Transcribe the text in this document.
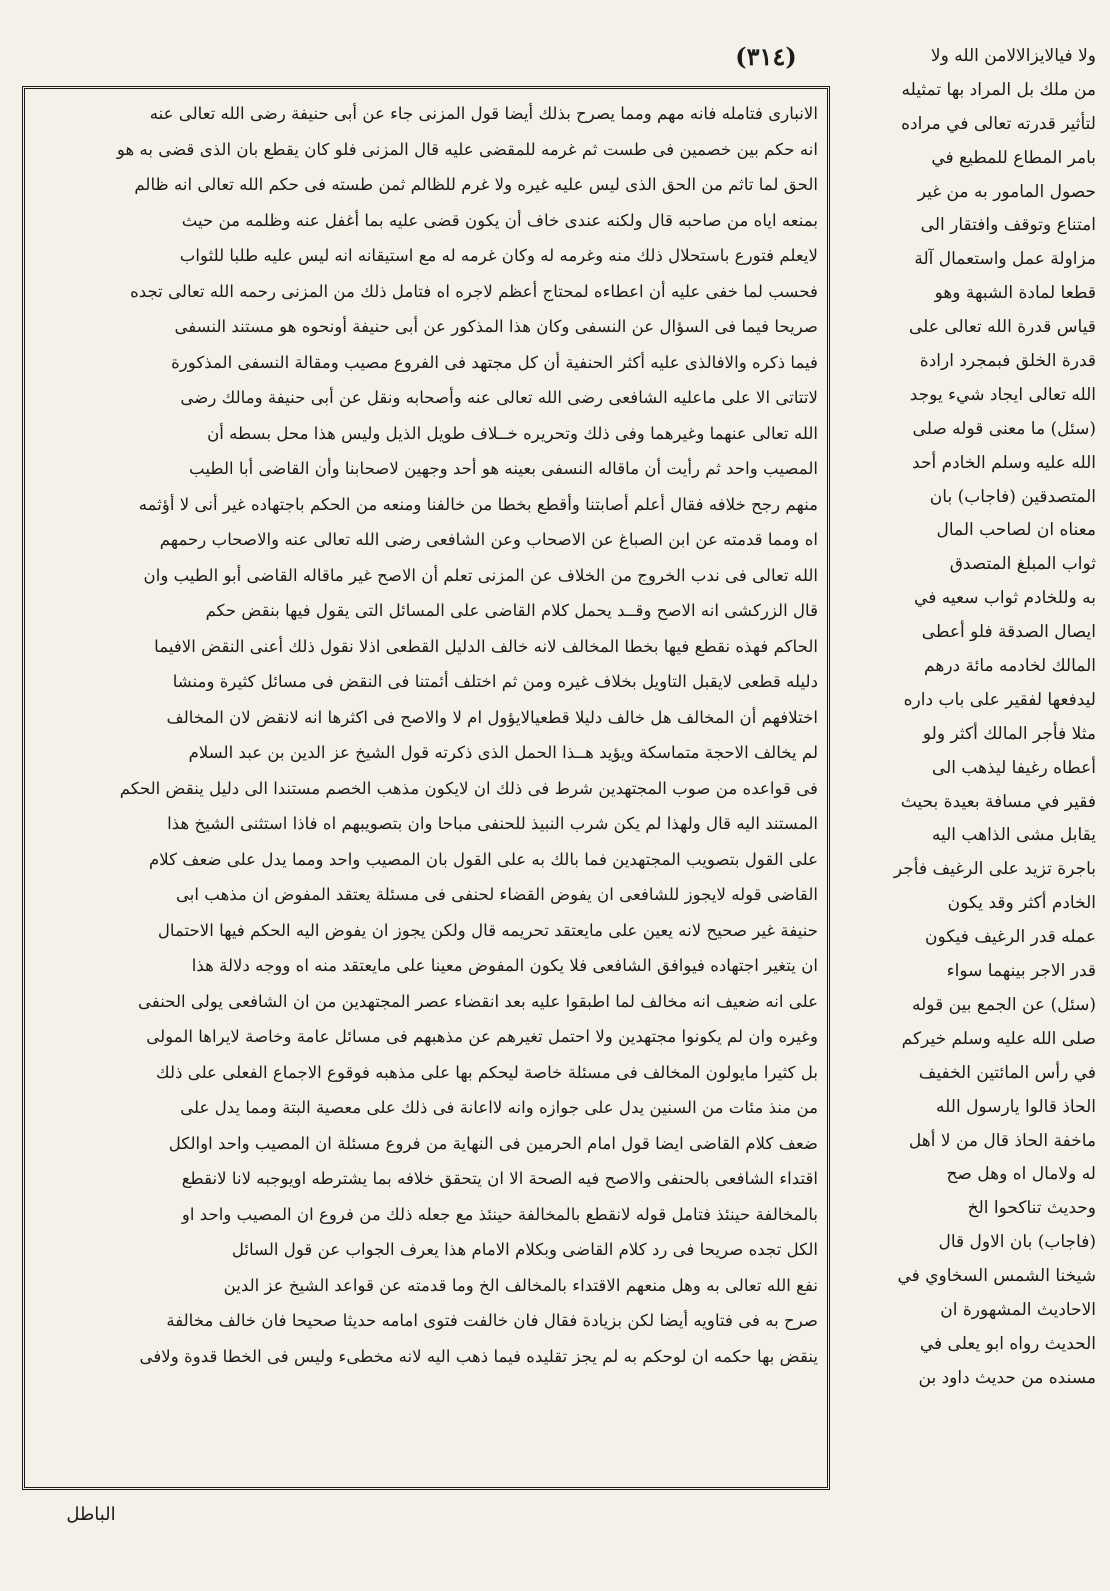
(٣١٤)
الانبارى فتامله فانه مهم ومما يصرح بذلك أيضا قول المزنى جاء عن أبى حنيفة رضى الله تعالى عنه
انه حكم بين خصمين فى طست ثم غرمه للمقضى عليه قال المزنى فلو كان يقطع بان الذى قضى به هو
الحق لما تاثم من الحق الذى ليس عليه غيره ولا غرم للظالم ثمن طسته فى حكم الله تعالى انه ظالم
بمنعه اياه من صاحبه قال ولكنه عندى خاف أن يكون قضى عليه بما أغفل عنه وظلمه من حيث
لايعلم فتورع باستحلال ذلك منه وغرمه له وكان غرمه له مع استيقانه انه ليس عليه طلبا للثواب
فحسب لما خفى عليه أن اعطاءه لمحتاج أعظم لاجره اه فتامل ذلك من المزنى رحمه الله تعالى تجده
صريحا فيما فى السؤال عن النسفى وكان هذا المذكور عن أبى حنيفة أونحوه هو مستند النسفى
فيما ذكره والافالذى عليه أكثر الحنفية أن كل مجتهد فى الفروع مصيب ومقالة النسفى المذكورة
لاتتاتى الا على ماعليه الشافعى رضى الله تعالى عنه وأصحابه ونقل عن أبى حنيفة ومالك رضى
الله تعالى عنهما وغيرهما وفى ذلك وتحريره خــلاف طويل الذيل وليس هذا محل بسطه أن
المصيب واحد ثم رأيت أن ماقاله النسفى بعينه هو أحد وجهين لاصحابنا وأن القاضى أبا الطيب
منهم رجح خلافه فقال أعلم أصابتنا وأقطع بخطا من خالفنا ومنعه من الحكم باجتهاده غير أنى لا أؤثمه
اه ومما قدمته عن ابن الصباغ عن الاصحاب وعن الشافعى رضى الله تعالى عنه والاصحاب رحمهم
الله تعالى فى ندب الخروج من الخلاف عن المزنى تعلم أن الاصح غير ماقاله القاضى أبو الطيب وان
قال الزركشى انه الاصح وقــد يحمل كلام القاضى على المسائل التى يقول فيها بنقض حكم
الحاكم فهذه نقطع فيها بخطا المخالف لانه خالف الدليل القطعى اذلا نقول ذلك أعنى النقض الافيما
دليله قطعى لايقبل التاويل بخلاف غيره ومن ثم اختلف أئمتنا فى النقض فى مسائل كثيرة ومنشا
اختلافهم أن المخالف هل خالف دليلا قطعيالايؤول ام لا والاصح فى اكثرها انه لانقض لان المخالف
لم يخالف الاحجة متماسكة ويؤيد هــذا الحمل الذى ذكرته قول الشيخ عز الدين بن عبد السلام
فى قواعده من صوب المجتهدين شرط فى ذلك ان لايكون مذهب الخصم مستندا الى دليل ينقض الحكم
المستند اليه قال ولهذا لم يكن شرب النبيذ للحنفى مباحا وان بتصويبهم اه فاذا استثنى الشيخ هذا
على القول بتصويب المجتهدين فما بالك به على القول بان المصيب واحد ومما يدل على ضعف كلام
القاضى قوله لايجوز للشافعى ان يفوض القضاء لحنفى فى مسئلة يعتقد المفوض ان مذهب ابى
حنيفة غير صحيح لانه يعين على مايعتقد تحريمه قال ولكن يجوز ان يفوض اليه الحكم فيها الاحتمال
ان يتغير اجتهاده فيوافق الشافعى فلا يكون المفوض معينا على مايعتقد منه اه ووجه دلالة هذا
على انه ضعيف انه مخالف لما اطبقوا عليه بعد انقضاء عصر المجتهدين من ان الشافعى يولى الحنفى
وغيره وان لم يكونوا مجتهدين ولا احتمل تغيرهم عن مذهبهم فى مسائل عامة وخاصة لايراها المولى
بل كثيرا مايولون المخالف فى مسئلة خاصة ليحكم بها على مذهبه فوقوع الاجماع الفعلى على ذلك
من منذ مئات من السنين يدل على جوازه وانه لااعانة فى ذلك على معصية البتة ومما يدل على
ضعف كلام القاضى ايضا قول امام الحرمين فى النهاية من فروع مسئلة ان المصيب واحد اوالكل
اقتداء الشافعى بالحنفى والاصح فيه الصحة الا ان يتحقق خلافه بما يشترطه اويوجبه لانا لانقطع
بالمخالفة حينئذ فتامل قوله لانقطع بالمخالفة حينئذ مع جعله ذلك من فروع ان المصيب واحد او
الكل تجده صريحا فى رد كلام القاضى وبكلام الامام هذا يعرف الجواب عن قول السائل
نفع الله تعالى به وهل منعهم الاقتداء بالمخالف الخ وما قدمته عن قواعد الشيخ عز الدين
صرح به فى فتاويه أيضا لكن بزيادة فقال فان خالفت فتوى امامه حديثا صحيحا فان خالف مخالفة
ينقض بها حكمه ان لوحكم به لم يجز تقليده فيما ذهب اليه لانه مخطىء وليس فى الخطا قدوة ولافى
ولا فيالايزالالامن الله ولا
من ملك بل المراد بها تمثيله
لتأثير قدرته تعالى في مراده
بامر المطاع للمطيع في
حصول المامور به من غير
امتناع وتوقف وافتقار الى
مزاولة عمل واستعمال آلة
قطعا لمادة الشبهة وهو
قياس قدرة الله تعالى على
قدرة الخلق فبمجرد ارادة
الله تعالى ايجاد شيء يوجد
(سئل) ما معنى قوله صلى
الله عليه وسلم الخادم أحد
المتصدقين (فاجاب) بان
معناه ان لصاحب المال
ثواب المبلغ المتصدق
به وللخادم ثواب سعيه في
ايصال الصدقة فلو أعطى
المالك لخادمه مائة درهم
ليدفعها لفقير على باب داره
مثلا فأجر المالك أكثر ولو
أعطاه رغيفا ليذهب الى
فقير في مسافة بعيدة بحيث
يقابل مشى الذاهب اليه
باجرة تزيد على الرغيف فأجر
الخادم أكثر وقد يكون
عمله قدر الرغيف فيكون
قدر الاجر بينهما سواء
(سئل) عن الجمع بين قوله
صلى الله عليه وسلم خيركم
في رأس المائتين الخفيف
الحاذ قالوا يارسول الله
ماخفة الحاذ قال من لا أهل
له ولامال اه وهل صح
وحديث تناكحوا الخ
(فاجاب) بان الاول قال
شيخنا الشمس السخاوي في
الاحاديث المشهورة ان
الحديث رواه ابو يعلى في
مسنده من حديث داود بن
الباطل
